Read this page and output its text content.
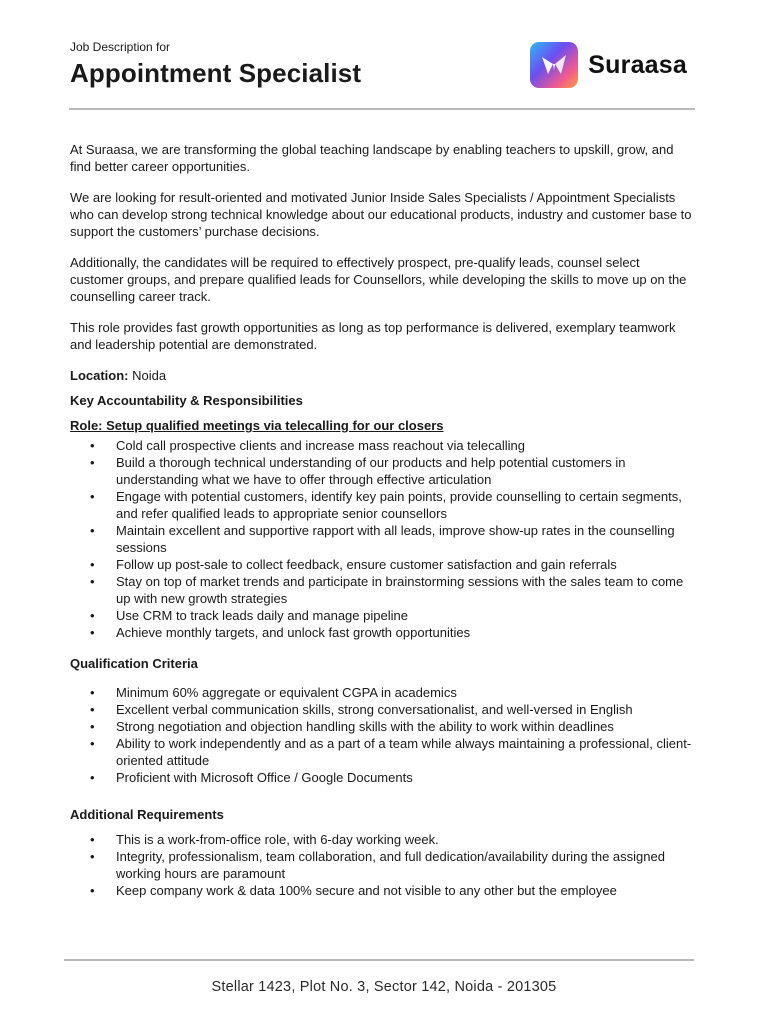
Job Description for
Appointment Specialist	Suraasa

At Suraasa, we are transforming the global teaching landscape by enabling teachers to upskill, grow, and find better career opportunities.

We are looking for result-oriented and motivated Junior Inside Sales Specialists / Appointment Specialists who can develop strong technical knowledge about our educational products, industry and customer base to support the customers’ purchase decisions.

Additionally, the candidates will be required to effectively prospect, pre-qualify leads, counsel select customer groups, and prepare qualified leads for Counsellors, while developing the skills to move up on the counselling career track.

This role provides fast growth opportunities as long as top performance is delivered, exemplary teamwork and leadership potential are demonstrated.

Location: Noida

Key Accountability & Responsibilities

Role: Setup qualified meetings via telecalling for our closers

• Cold call prospective clients and increase mass reachout via telecalling
• Build a thorough technical understanding of our products and help potential customers in understanding what we have to offer through effective articulation
• Engage with potential customers, identify key pain points, provide counselling to certain segments, and refer qualified leads to appropriate senior counsellors
• Maintain excellent and supportive rapport with all leads, improve show-up rates in the counselling sessions
• Follow up post-sale to collect feedback, ensure customer satisfaction and gain referrals
• Stay on top of market trends and participate in brainstorming sessions with the sales team to come up with new growth strategies
• Use CRM to track leads daily and manage pipeline
• Achieve monthly targets, and unlock fast growth opportunities

Qualification Criteria

• Minimum 60% aggregate or equivalent CGPA in academics
• Excellent verbal communication skills, strong conversationalist, and well-versed in English
• Strong negotiation and objection handling skills with the ability to work within deadlines
• Ability to work independently and as a part of a team while always maintaining a professional, client-oriented attitude
• Proficient with Microsoft Office / Google Documents

Additional Requirements

• This is a work-from-office role, with 6-day working week.
• Integrity, professionalism, team collaboration, and full dedication/availability during the assigned working hours are paramount
• Keep company work & data 100% secure and not visible to any other but the employee
Stellar 1423, Plot No. 3, Sector 142, Noida - 201305
